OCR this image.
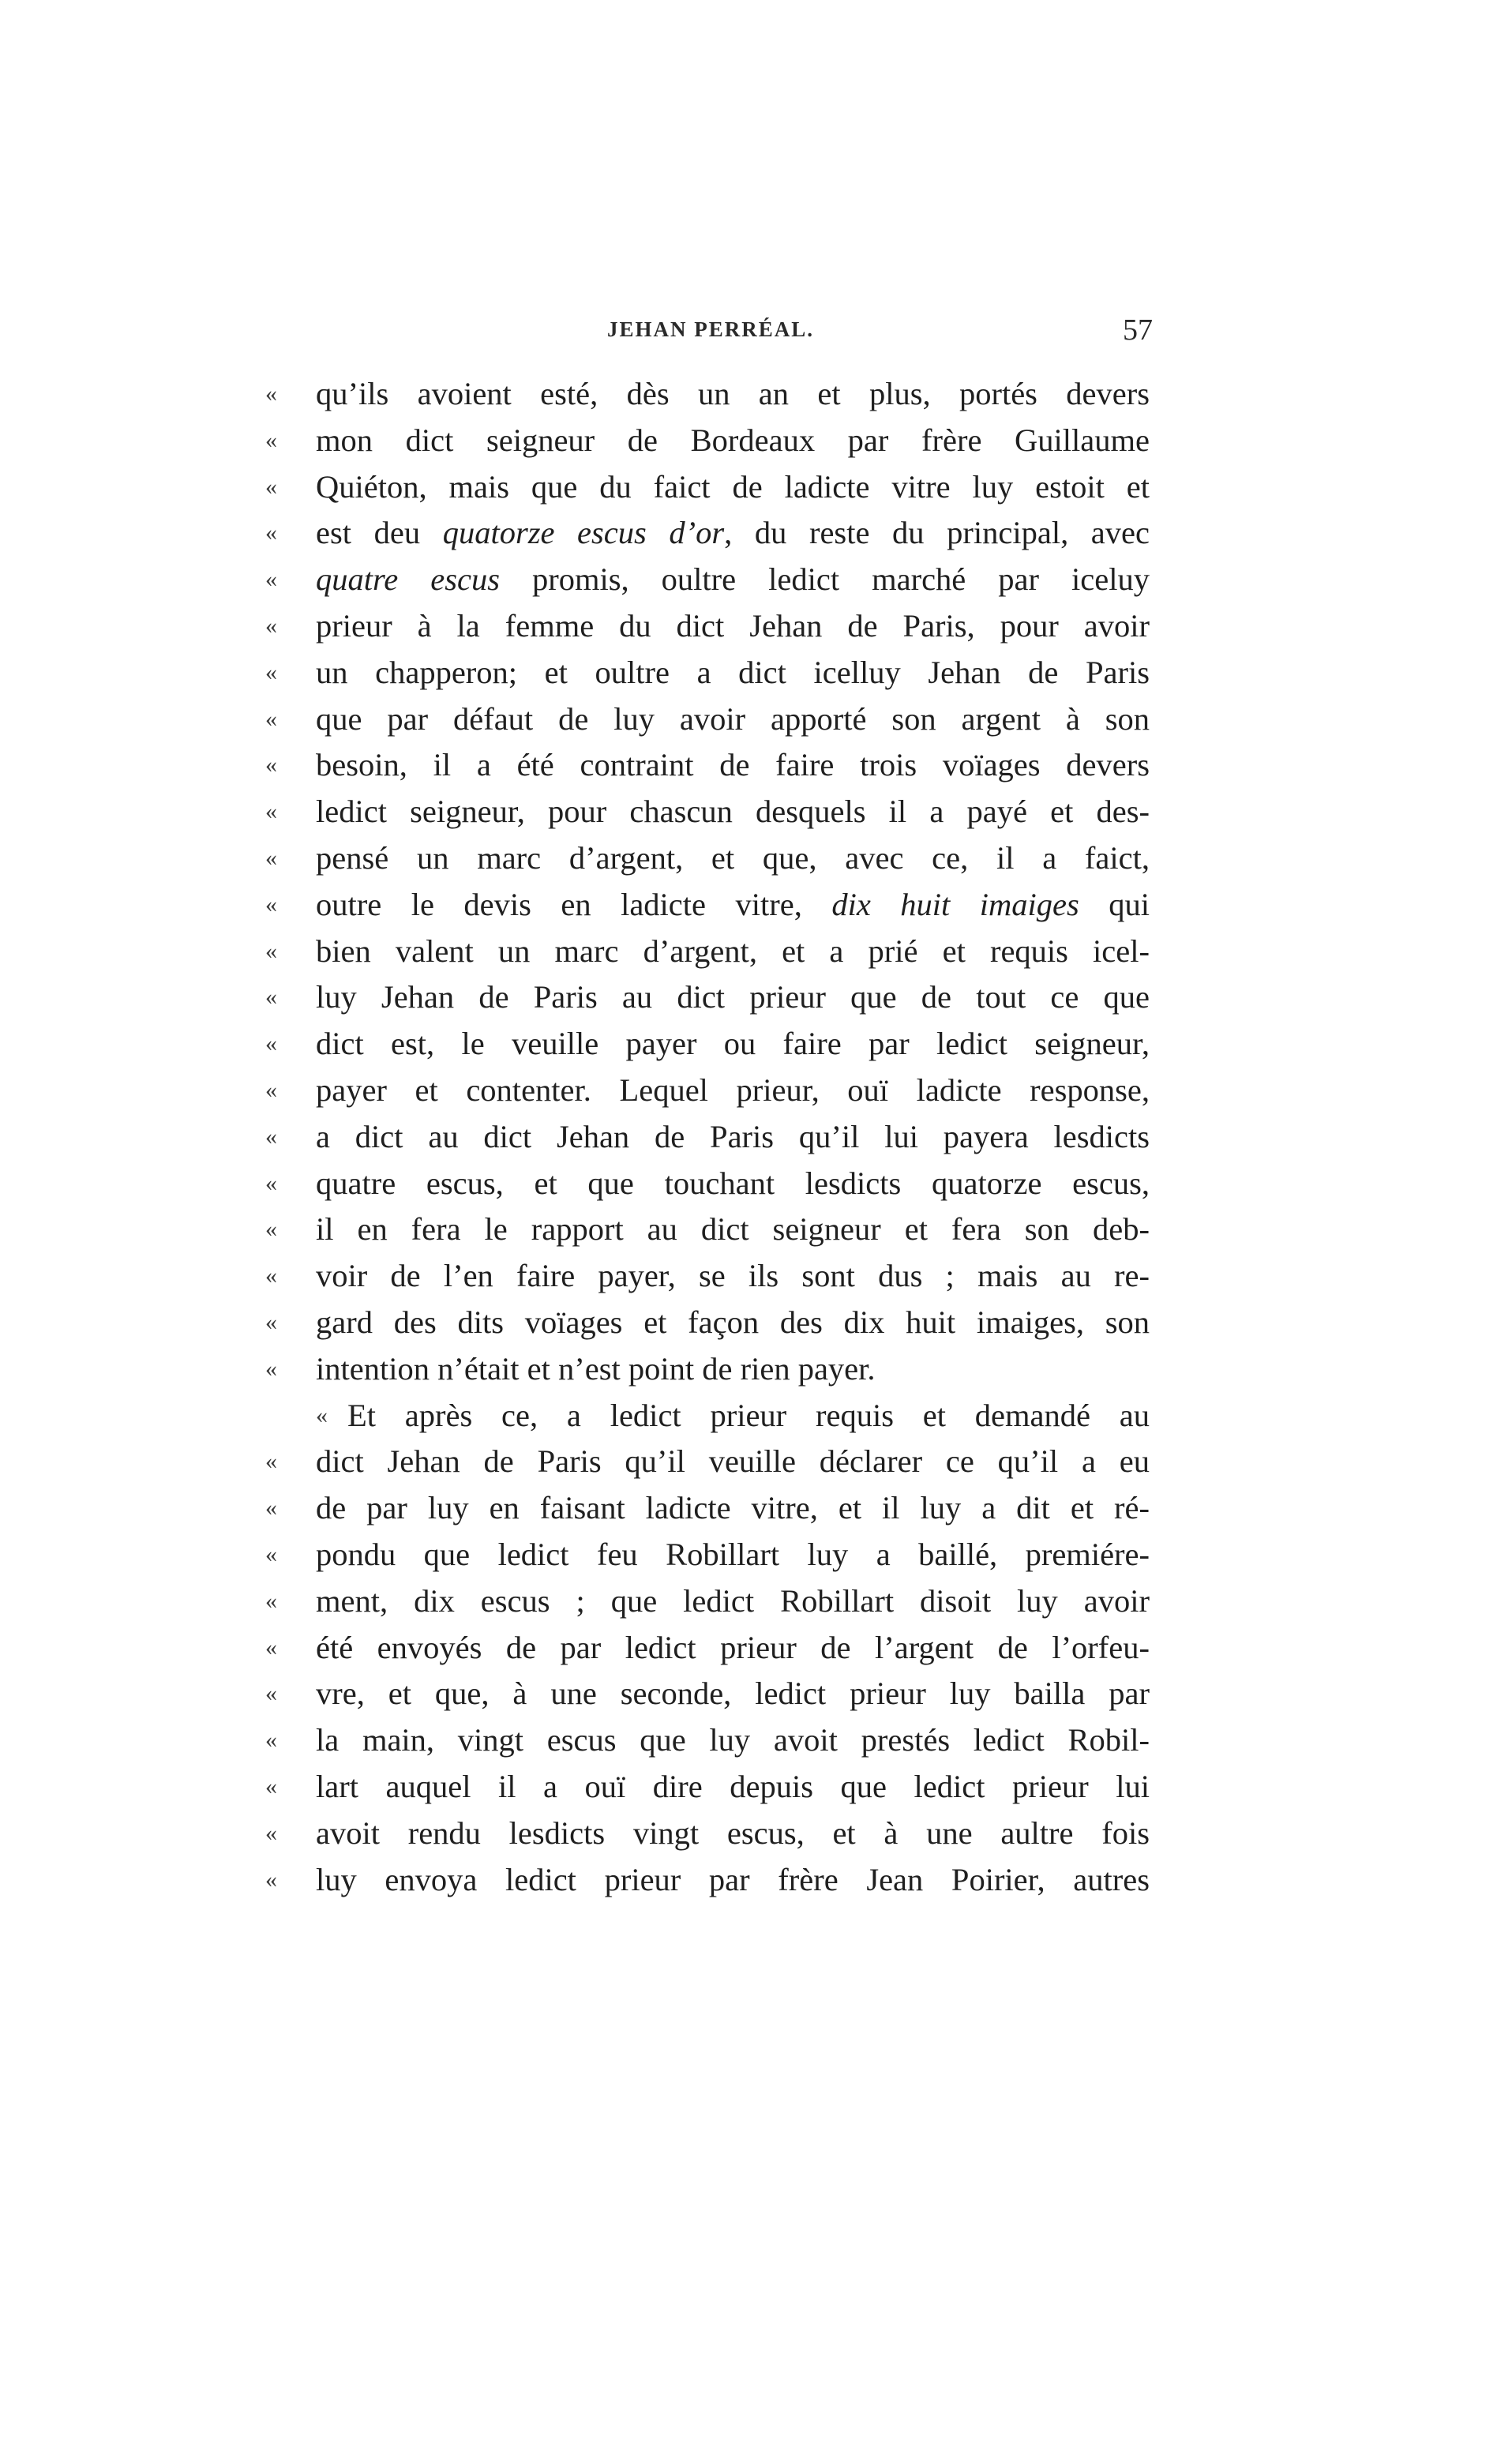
JEHAN PERRÉAL.	57
«	qu’ils avoient esté, dès un an et plus, portés devers
«	mon dict seigneur de Bordeaux par frère Guillaume
«	Quiéton, mais que du faict de ladicte vitre luy estoit et
«	est deu quatorze escus d’or, du reste du principal, avec
«	quatre escus promis, oultre ledict marché par iceluy
«	prieur à la femme du dict Jehan de Paris, pour avoir
«	un chapperon; et oultre a dict icelluy Jehan de Paris
«	que par défaut de luy avoir apporté son argent à son
«	besoin, il a été contraint de faire trois voïages devers
«	ledict seigneur, pour chascun desquels il a payé et des-
«	pensé un marc d’argent, et que, avec ce, il a faict,
«	outre le devis en ladicte vitre, dix huit imaiges qui
«	bien valent un marc d’argent, et a prié et requis icel-
«	luy Jehan de Paris au dict prieur que de tout ce que
«	dict est, le veuille payer ou faire par ledict seigneur,
«	payer et contenter. Lequel prieur, ouï ladicte response,
«	a dict au dict Jehan de Paris qu’il lui payera lesdicts
«	quatre escus, et que touchant lesdicts quatorze escus,
«	il en fera le rapport au dict seigneur et fera son deb-
«	voir de l’en faire payer, se ils sont dus ; mais au re-
«	gard des dits voïages et façon des dix huit imaiges, son
«	intention n’était et n’est point de rien payer.
« Et après ce, a ledict prieur requis et demandé au
«	dict Jehan de Paris qu’il veuille déclarer ce qu’il a eu
«	de par luy en faisant ladicte vitre, et il luy a dit et ré-
«	pondu que ledict feu Robillart luy a baillé, premiére-
«	ment, dix escus ; que ledict Robillart disoit luy avoir
«	été envoyés de par ledict prieur de l’argent de l’orfeu-
«	vre, et que, à une seconde, ledict prieur luy bailla par
«	la main, vingt escus que luy avoit prestés ledict Robil-
«	lart auquel il a ouï dire depuis que ledict prieur lui
«	avoit rendu lesdicts vingt escus, et à une aultre fois
«	luy envoya ledict prieur par frère Jean Poirier, autres
